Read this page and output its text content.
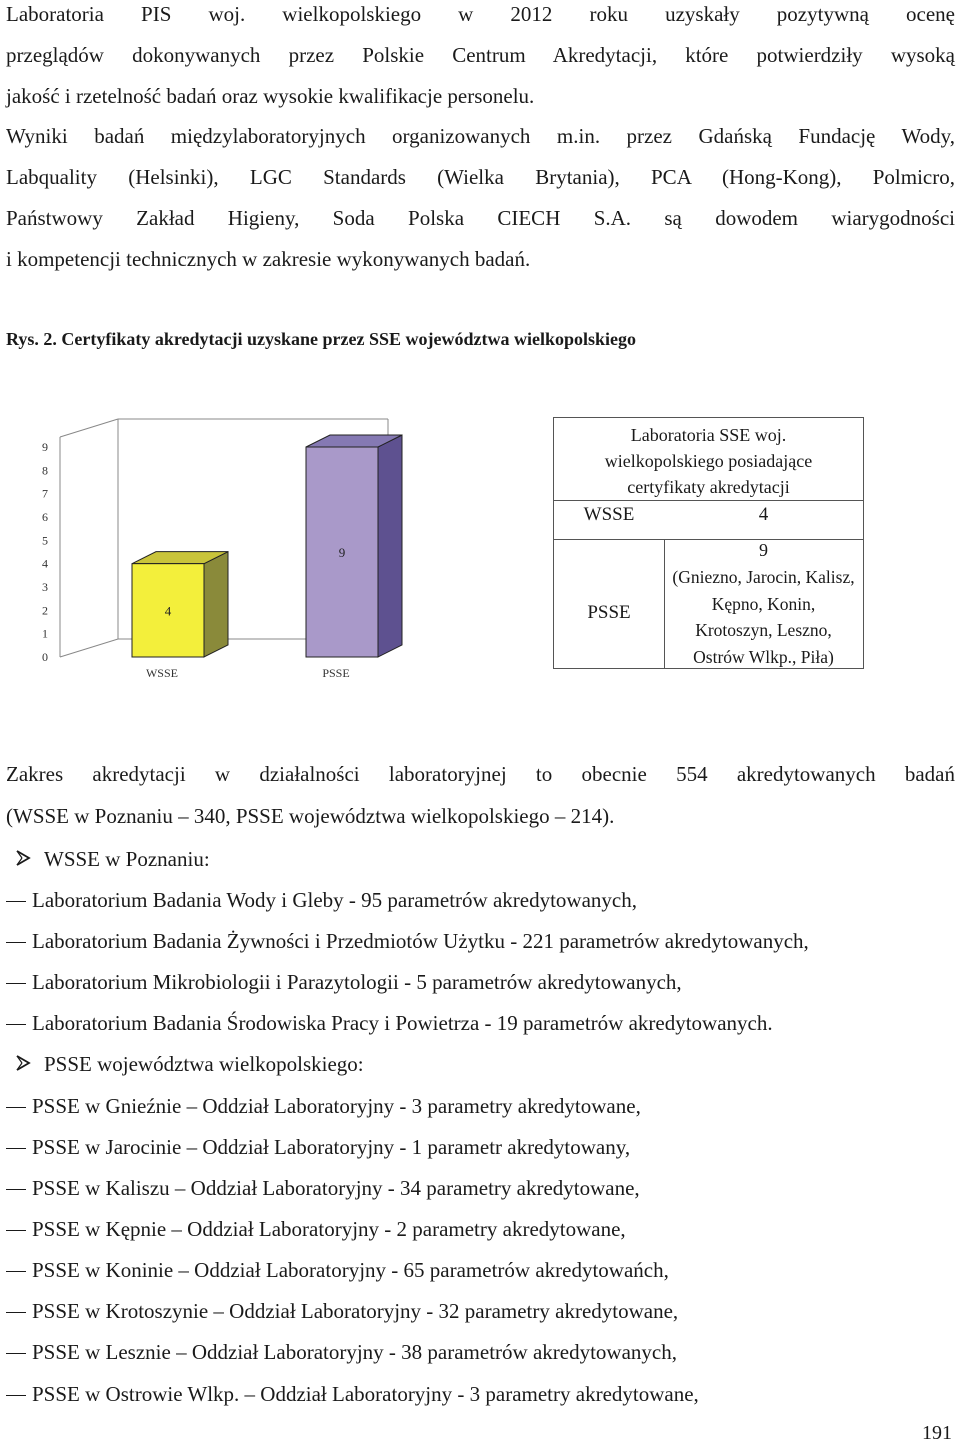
Laboratoria PIS woj. wielkopolskiego w 2012 roku uzyskały pozytywną ocenę
przeglądów dokonywanych przez Polskie Centrum Akredytacji, które potwierdziły wysoką
jakość i rzetelność badań oraz wysokie kwalifikacje personelu.
Wyniki badań międzylaboratoryjnych organizowanych m.in. przez Gdańską Fundację Wody,
Labquality (Helsinki), LGC Standards (Wielka Brytania), PCA (Hong-Kong), Polmicro,
Państwowy Zakład Higieny, Soda Polska CIECH S.A. są dowodem wiarygodności
i kompetencji technicznych w zakresie wykonywanych badań.
Rys. 2. Certyfikaty akredytacji uzyskane przez SSE województwa wielkopolskiego
0
1
2
3
4
5
6
7
8
9
4
WSSE
9
PSSE
Laboratoria SSE woj. wielkopolskiego posiadające certyfikaty akredytacji
WSSE	4
PSSE
9
(Gniezno, Jarocin, Kalisz, Kępno, Konin, Krotoszyn, Leszno, Ostrów Wlkp., Piła)
Zakres akredytacji w działalności laboratoryjnej to obecnie 554 akredytowanych badań
(WSSE w Poznaniu – 340, PSSE województwa wielkopolskiego – 214).
WSSE w Poznaniu:
Laboratorium Badania Wody i Gleby - 95 parametrów akredytowanych,
Laboratorium Badania Żywności i Przedmiotów Użytku - 221 parametrów akredytowanych,
Laboratorium Mikrobiologii i Parazytologii - 5 parametrów akredytowanych,
Laboratorium Badania Środowiska Pracy i Powietrza - 19 parametrów akredytowanych.
PSSE województwa wielkopolskiego:
PSSE w Gnieźnie – Oddział Laboratoryjny - 3 parametry akredytowane,
PSSE w Jarocinie – Oddział Laboratoryjny - 1 parametr akredytowany,
PSSE w Kaliszu – Oddział Laboratoryjny - 34 parametry akredytowane,
PSSE w Kępnie – Oddział Laboratoryjny - 2 parametry akredytowane,
PSSE w Koninie – Oddział Laboratoryjny - 65 parametrów akredytowańch,
PSSE w Krotoszynie – Oddział Laboratoryjny - 32 parametry akredytowane,
PSSE w Lesznie – Oddział Laboratoryjny - 38 parametrów akredytowanych,
PSSE w Ostrowie Wlkp. – Oddział Laboratoryjny - 3 parametry akredytowane,
191
